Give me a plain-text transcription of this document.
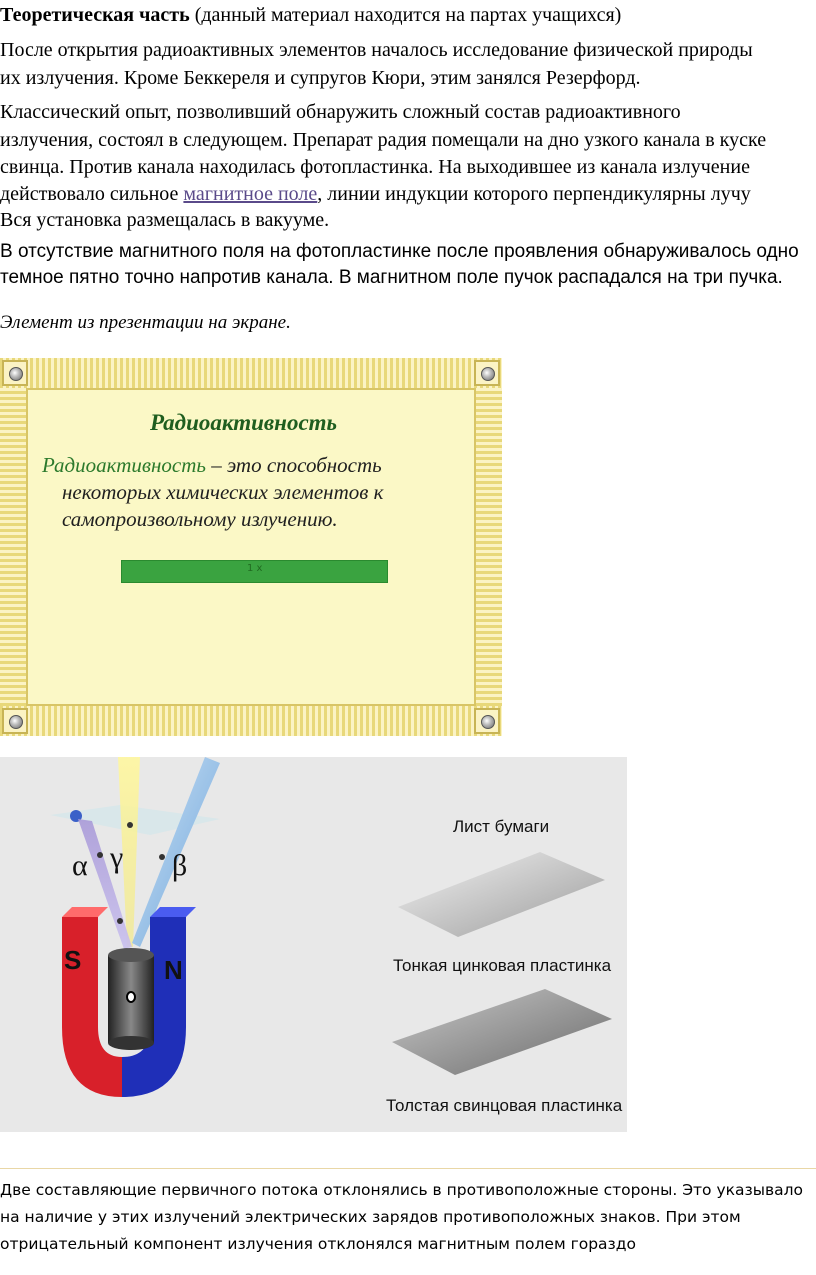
Теоретическая часть (данный материал находится на партах учащихся)

После открытия радиоактивных элементов началось исследование физической природы

их излучения. Кроме Беккереля и супругов Кюри, этим занялся Резерфорд.

Классический опыт, позволивший обнаружить сложный состав радиоактивного

излучения, состоял в следующем. Препарат радия помещали на дно узкого канала в куске

свинца. Против канала находилась фотопластинка. На выходившее из канала излучение

действовало сильное магнитное поле, линии индукции которого перпендикулярны лучу

Вся установка размещалась в вакууме.

В отсутствие магнитного поля на фотопластинке после проявления обнаруживалось одно

темное пятно точно напротив канала. В магнитном поле пучок распадался на три пучка.

Элемент из презентации на экране.

Радиоактивность
Радиоактивность – это способность
некоторых химических элементов к
самопроизвольному излучению.
1 х
α γ β
S	N
Лист бумаги
Тонкая цинковая пластинка
Толстая свинцовая пластинка

Две составляющие первичного потока отклонялись в противоположные стороны. Это указывало

на наличие у этих излучений электрических зарядов противоположных знаков. При этом

отрицательный компонент излучения отклонялся магнитным полем гораздо
